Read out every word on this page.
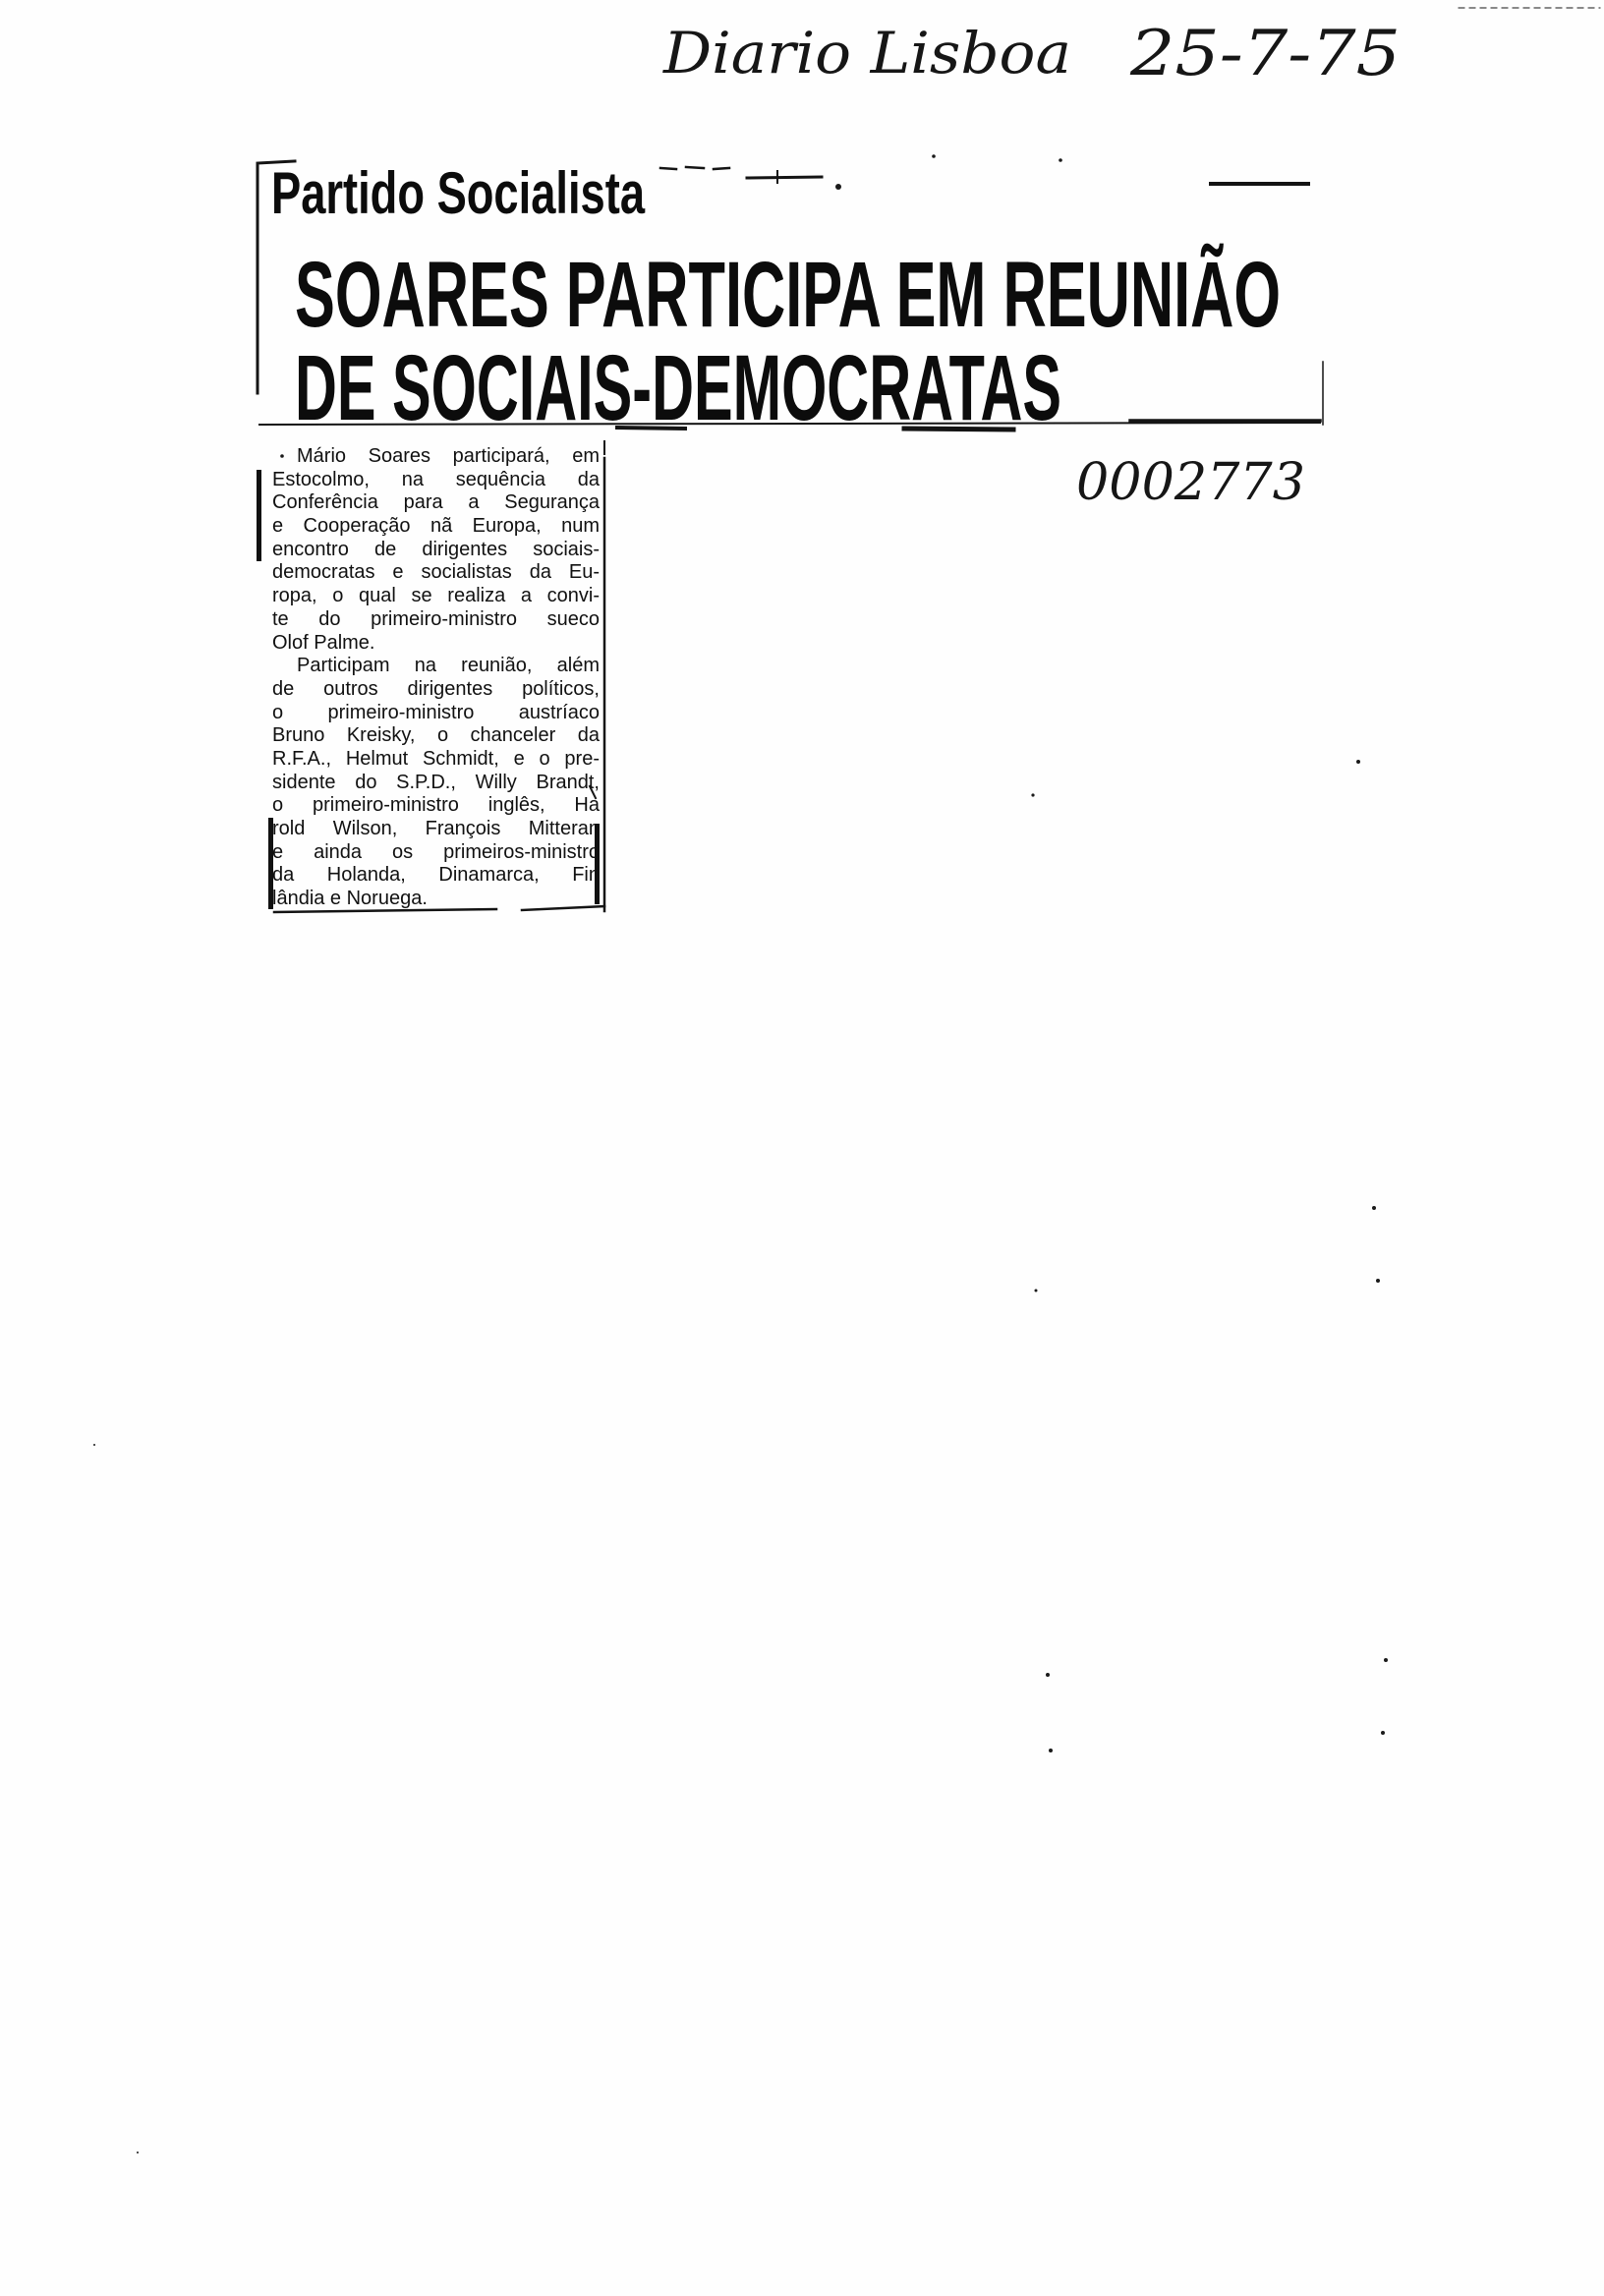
Diario Lisboa 25-7-75
0002773
Partido Socialista
SOARES PARTICIPA EM REUNIÃO
DE SOCIAIS-DEMOCRATAS
Mário Soares participará, em
Estocolmo, na sequência da
Conferência para a Segurança
e Cooperação nã Europa, num
encontro de dirigentes sociais-
democratas e socialistas da Eu-
ropa, o qual se realiza a convi-
te do primeiro-ministro sueco
Olof Palme.
Participam na reunião, além
de outros dirigentes políticos,
o primeiro-ministro austríaco
Bruno Kreisky, o chanceler da
R.F.A., Helmut Schmidt, e o pre-
sidente do S.P.D., Willy Brandt,
o primeiro-ministro inglês, Ha
rold Wilson, François Mitteran
e ainda os primeiros-ministro
da Holanda, Dinamarca, Fin
lândia e Noruega.
